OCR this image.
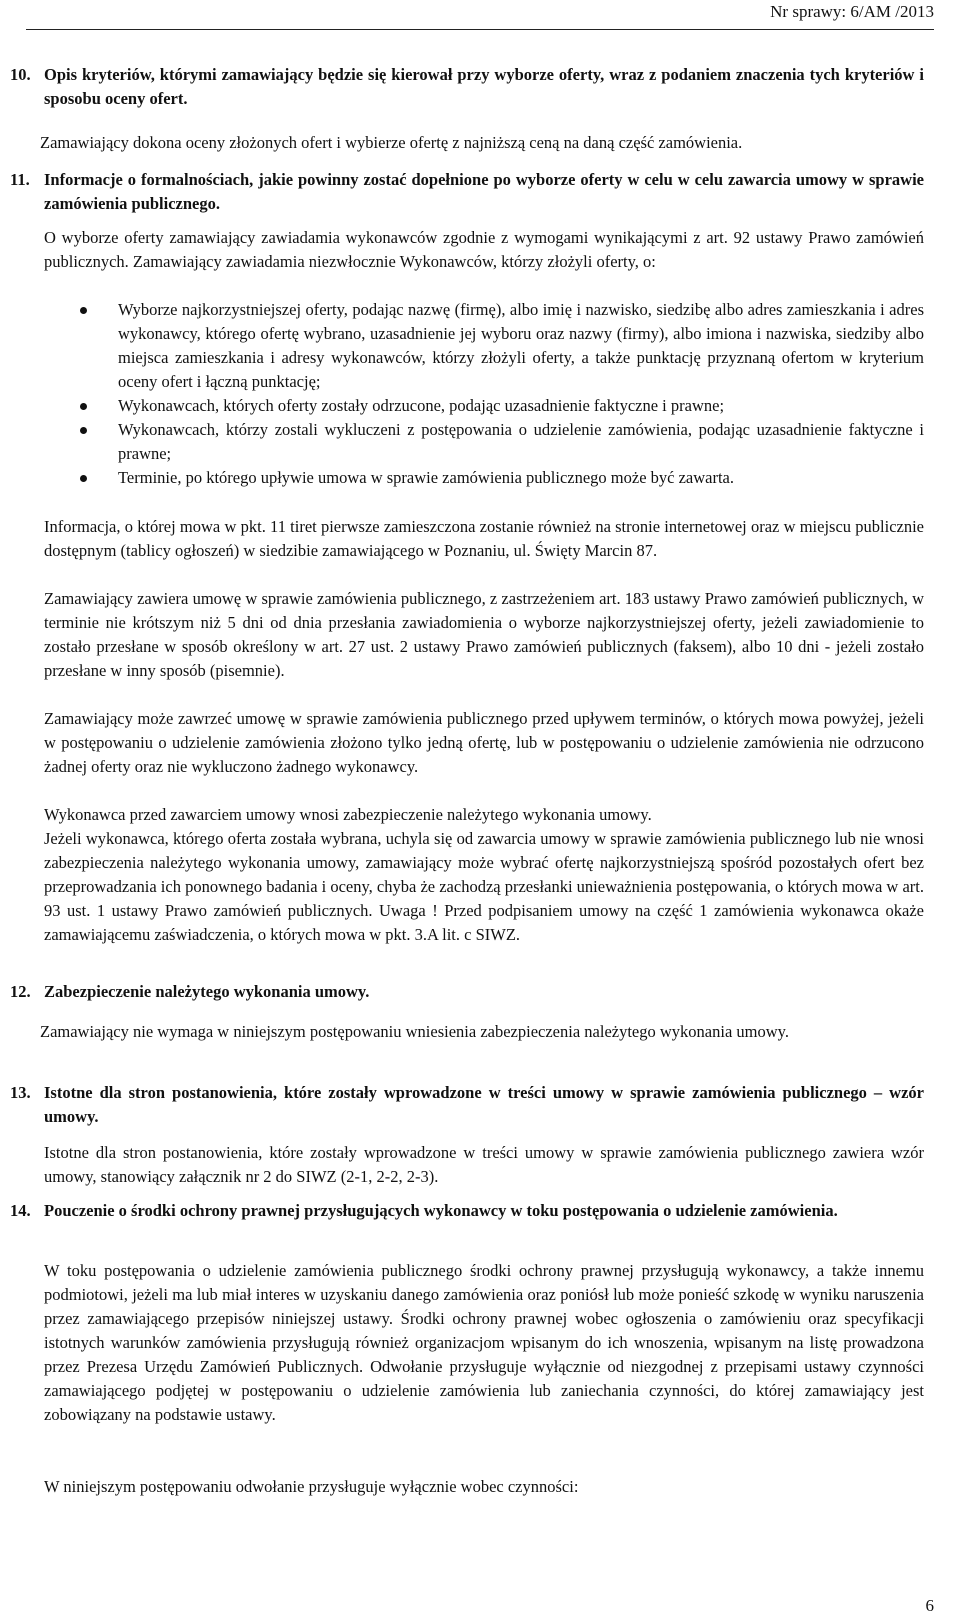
Nr sprawy: 6/AM /2013
10. Opis kryteriów, którymi zamawiający będzie się kierował przy wyborze oferty, wraz z podaniem znaczenia tych kryteriów i sposobu oceny ofert.
Zamawiający dokona oceny złożonych ofert i wybierze ofertę z najniższą ceną na daną część zamówienia.
11. Informacje o formalnościach, jakie powinny zostać dopełnione po wyborze oferty w celu w celu zawarcia umowy w sprawie zamówienia publicznego.
O wyborze oferty zamawiający zawiadamia wykonawców zgodnie z wymogami wynikającymi z art. 92 ustawy Prawo zamówień publicznych. Zamawiający zawiadamia niezwłocznie Wykonawców, którzy złożyli oferty, o:
Wyborze najkorzystniejszej oferty, podając nazwę (firmę), albo imię i nazwisko, siedzibę albo adres zamieszkania i adres wykonawcy, którego ofertę wybrano, uzasadnienie jej wyboru oraz nazwy (firmy), albo imiona i nazwiska, siedziby albo miejsca zamieszkania i adresy wykonawców, którzy złożyli oferty, a także punktację przyznaną ofertom w kryterium oceny ofert i łączną punktację;
Wykonawcach, których oferty zostały odrzucone, podając uzasadnienie faktyczne i prawne;
Wykonawcach, którzy zostali wykluczeni z postępowania o udzielenie zamówienia, podając uzasadnienie faktyczne i prawne;
Terminie, po którego upływie umowa w sprawie zamówienia publicznego może być zawarta.
Informacja, o której mowa w pkt. 11 tiret pierwsze zamieszczona zostanie również na stronie internetowej oraz w miejscu publicznie dostępnym (tablicy ogłoszeń) w siedzibie zamawiającego w Poznaniu, ul. Święty Marcin 87.
Zamawiający zawiera umowę w sprawie zamówienia publicznego, z zastrzeżeniem art. 183 ustawy Prawo zamówień publicznych, w terminie nie krótszym niż 5 dni od dnia przesłania zawiadomienia o wyborze najkorzystniejszej oferty, jeżeli zawiadomienie to zostało przesłane w sposób określony w art. 27 ust. 2 ustawy Prawo zamówień publicznych (faksem), albo 10 dni - jeżeli zostało przesłane w inny sposób (pisemnie).
Zamawiający może zawrzeć umowę w sprawie zamówienia publicznego przed upływem terminów, o których mowa powyżej, jeżeli w postępowaniu o udzielenie zamówienia złożono tylko jedną ofertę, lub w postępowaniu o udzielenie zamówienia nie odrzucono żadnej oferty oraz nie wykluczono żadnego wykonawcy.
Wykonawca przed zawarciem umowy wnosi zabezpieczenie należytego wykonania umowy.
Jeżeli wykonawca, którego oferta została wybrana, uchyla się od zawarcia umowy w sprawie zamówienia publicznego lub nie wnosi zabezpieczenia należytego wykonania umowy, zamawiający może wybrać ofertę najkorzystniejszą spośród pozostałych ofert bez przeprowadzania ich ponownego badania i oceny, chyba że zachodzą przesłanki unieważnienia postępowania, o których mowa w art. 93 ust. 1 ustawy Prawo zamówień publicznych. Uwaga ! Przed podpisaniem umowy na część 1 zamówienia wykonawca okaże zamawiającemu zaświadczenia, o których mowa w pkt. 3.A lit. c SIWZ.
12. Zabezpieczenie należytego wykonania umowy.
Zamawiający nie wymaga w niniejszym postępowaniu wniesienia zabezpieczenia należytego wykonania umowy.
13. Istotne dla stron postanowienia, które zostały wprowadzone w treści umowy w sprawie zamówienia publicznego – wzór umowy.
Istotne dla stron postanowienia, które zostały wprowadzone w treści umowy w sprawie zamówienia publicznego zawiera wzór umowy, stanowiący załącznik nr 2 do SIWZ (2-1, 2-2, 2-3).
14. Pouczenie o środki ochrony prawnej przysługujących wykonawcy w toku postępowania o udzielenie zamówienia.
W toku postępowania o udzielenie zamówienia publicznego środki ochrony prawnej przysługują wykonawcy, a także innemu podmiotowi, jeżeli ma lub miał interes w uzyskaniu danego zamówienia oraz poniósł lub może ponieść szkodę w wyniku naruszenia przez zamawiającego przepisów niniejszej ustawy. Środki ochrony prawnej wobec ogłoszenia o zamówieniu oraz specyfikacji istotnych warunków zamówienia przysługują również organizacjom wpisanym do ich wnoszenia, wpisanym na listę prowadzona przez Prezesa Urzędu Zamówień Publicznych. Odwołanie przysługuje wyłącznie od niezgodnej z przepisami ustawy czynności zamawiającego podjętej w postępowaniu o udzielenie zamówienia lub zaniechania czynności, do której zamawiający jest zobowiązany na podstawie ustawy.
W niniejszym postępowaniu odwołanie przysługuje wyłącznie wobec czynności:
6
